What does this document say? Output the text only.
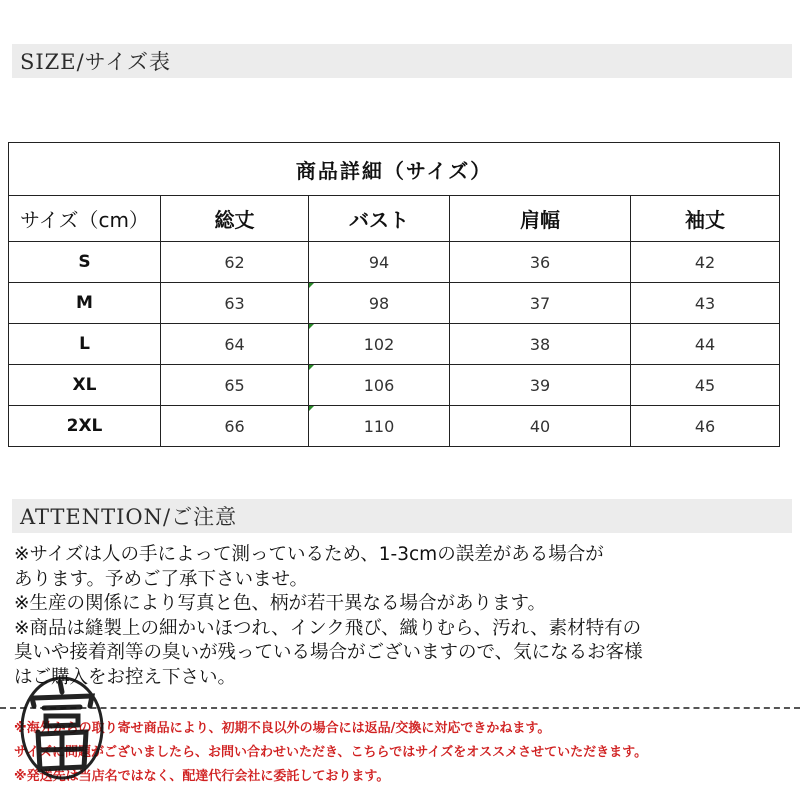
SIZE/サイズ表
商品詳細（サイズ）				
サイズ（cm）	総丈	バスト	肩幅	袖丈
S	62	94	36	42
M	63	98	37	43
L	64	102	38	44
XL	65	106	39	45
2XL	66	110	40	46
ATTENTION/ご注意

※サイズは人の手によって測っているため、1-3cmの誤差がある場合が

あります。予めご了承下さいませ。

※生産の関係により写真と色、柄が若干異なる場合があります。

※商品は縫製上の細かいほつれ、インク飛び、織りむら、汚れ、素材特有の

臭いや接着剤等の臭いが残っている場合がございますので、気になるお客様

はご購入をお控え下さい。

※海外からの取り寄せ商品により、初期不良以外の場合には返品/交換に対応できかねます。

サイズに問題がございましたら、お問い合わせいただき、こちらではサイズをオススメさせていただきます。

※発送先は当店名ではなく、配達代行会社に委託しております。
